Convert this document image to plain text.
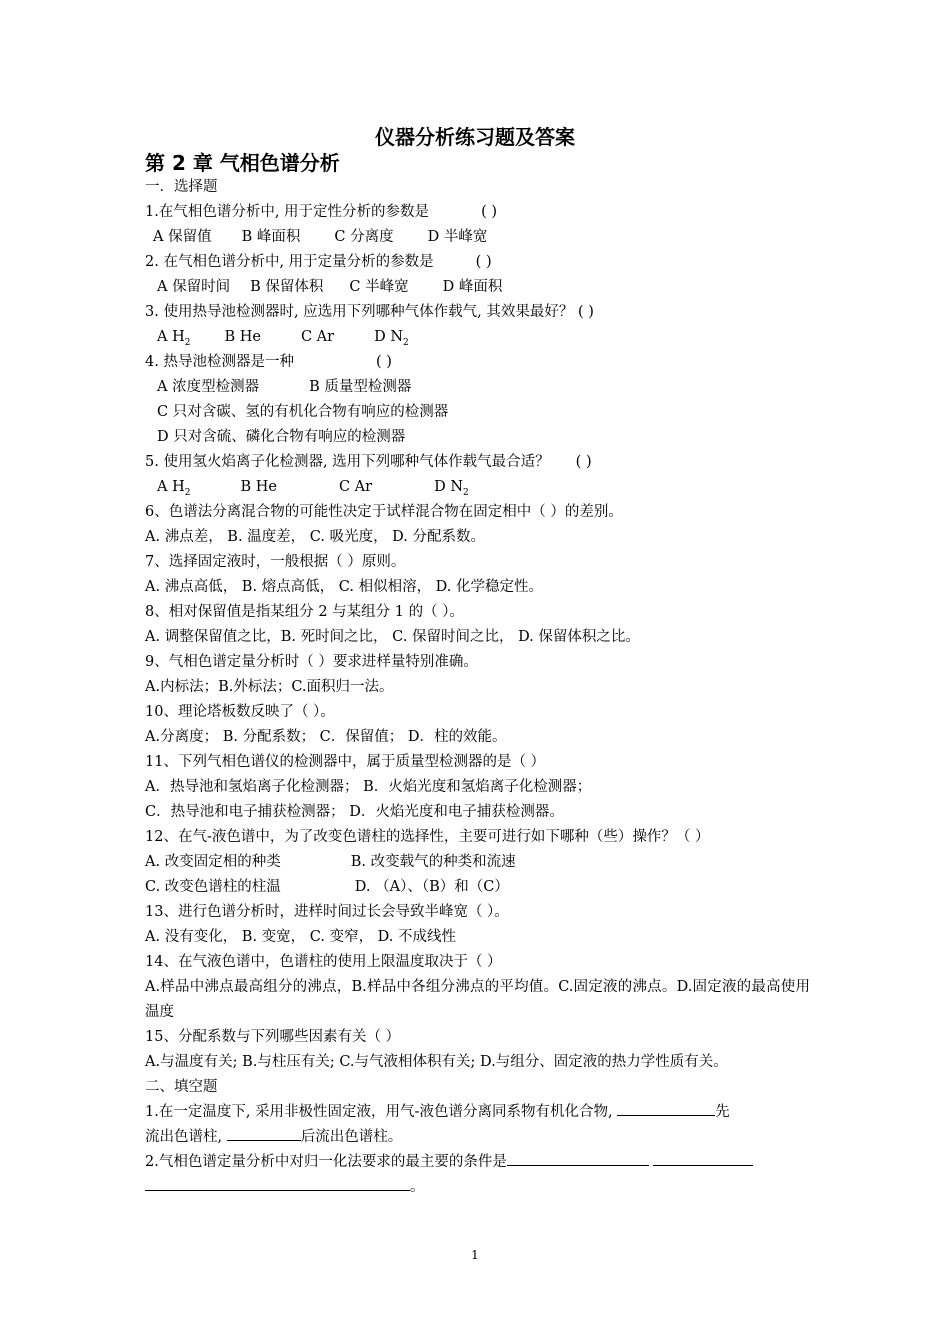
仪器分析练习题及答案
第 2 章 气相色谱分析
一．选择题
1.在气相色谱分析中, 用于定性分析的参数是	( )
A 保留值 B 峰面积 C 分离度 D 半峰宽
2. 在气相色谱分析中, 用于定量分析的参数是	( )
A 保留时间 B 保留体积 C 半峰宽 D 峰面积
3. 使用热导池检测器时, 应选用下列哪种气体作载气, 其效果最好？ ( )
A $H_2$ B He	C Ar	D $N_2$
4. 热导池检测器是一种	( )
A 浓度型检测器	B 质量型检测器
C 只对含碳、氢的有机化合物有响应的检测器
D 只对含硫、磷化合物有响应的检测器
5. 使用氢火焰离子化检测器, 选用下列哪种气体作载气最合适？ ( )
A $H_2$	B He	C Ar	D $N_2$
6、色谱法分离混合物的可能性决定于试样混合物在固定相中（ ）的差别。
A. 沸点差， B. 温度差， C. 吸光度， D. 分配系数。
7、选择固定液时，一般根据（ ）原则。
A. 沸点高低， B. 熔点高低， C. 相似相溶， D. 化学稳定性。
8、相对保留值是指某组分 2 与某组分 1 的（ ）。
A. 调整保留值之比，B. 死时间之比， C. 保留时间之比， D. 保留体积之比。
9、气相色谱定量分析时（ ）要求进样量特别准确。
A.内标法；B.外标法；C.面积归一法。
10、理论塔板数反映了（ ）。
A.分离度； B. 分配系数； C．保留值； D．柱的效能。
11、下列气相色谱仪的检测器中，属于质量型检测器的是（ ）
A．热导池和氢焰离子化检测器； B．火焰光度和氢焰离子化检测器；
C．热导池和电子捕获检测器； D．火焰光度和电子捕获检测器。
12、在气-液色谱中，为了改变色谱柱的选择性，主要可进行如下哪种（些）操作？（ ）
A. 改变固定相的种类	B. 改变载气的种类和流速
C. 改变色谱柱的柱温	D. （A）、（B）和（C）
13、进行色谱分析时，进样时间过长会导致半峰宽（ ）。
A. 没有变化， B. 变宽， C. 变窄， D. 不成线性
14、在气液色谱中，色谱柱的使用上限温度取决于（ ）
A.样品中沸点最高组分的沸点，B.样品中各组分沸点的平均值。C.固定液的沸点。D.固定液的最高使用温度
15、分配系数与下列哪些因素有关（ ）
A.与温度有关; B.与柱压有关; C.与气液相体积有关; D.与组分、固定液的热力学性质有关。
二、填空题
1.在一定温度下, 采用非极性固定液，用气-液色谱分离同系物有机化合物,	先
流出色谱柱,	后流出色谱柱。
2.气相色谱定量分析中对归一化法要求的最主要的条件是
。
1
